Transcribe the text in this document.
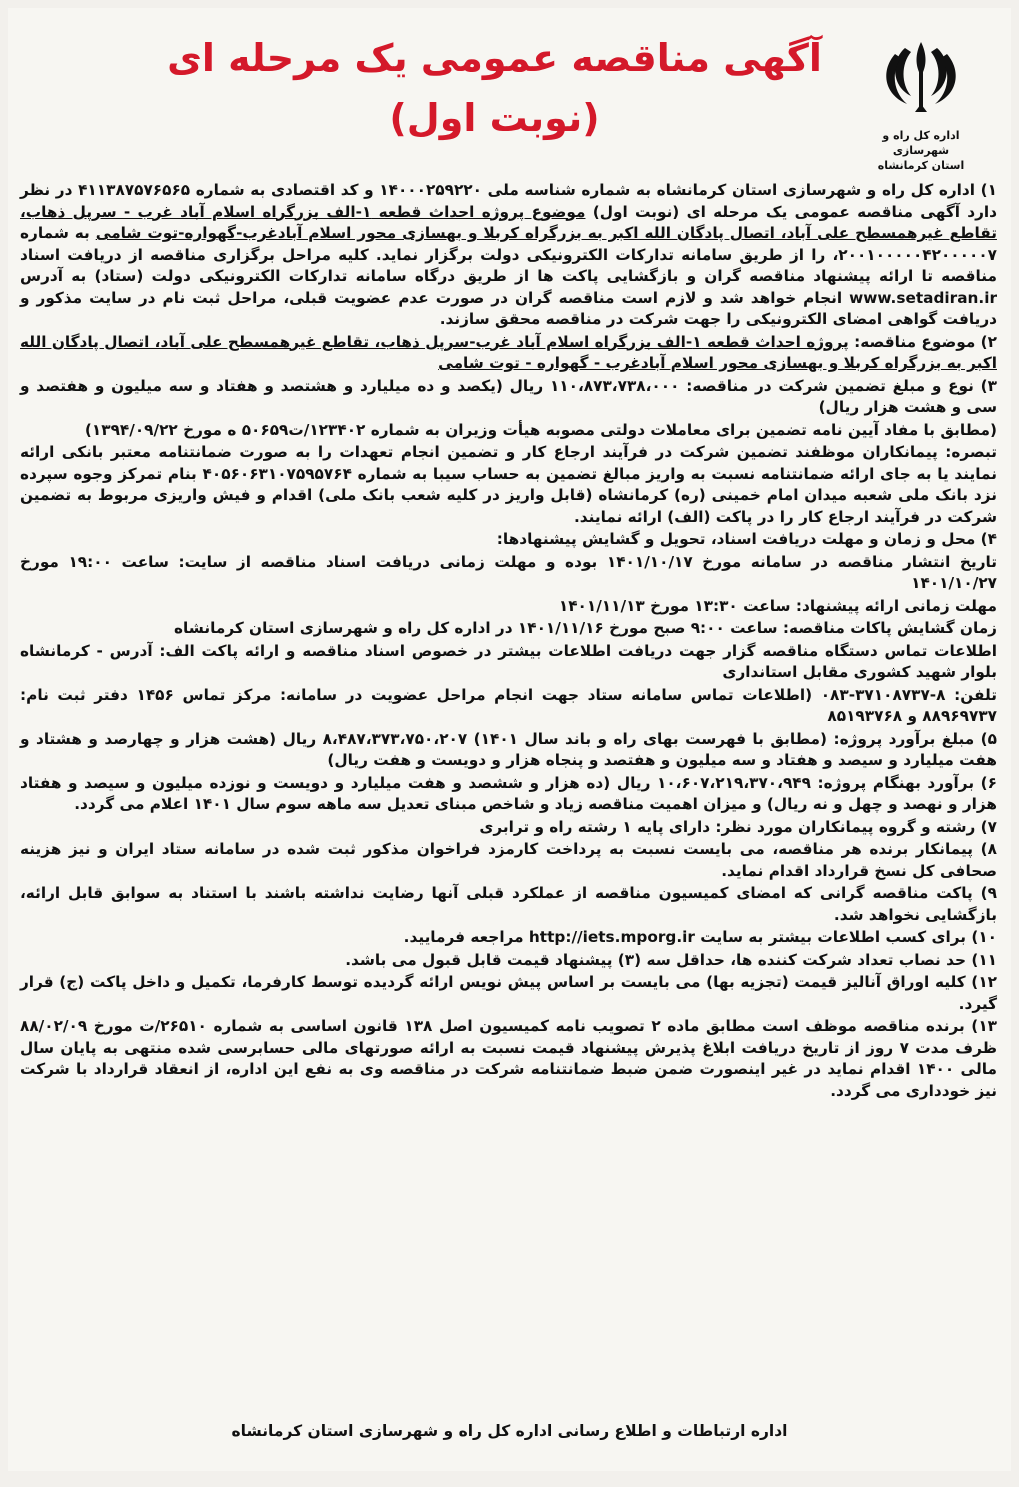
اداره کل راه و شهرسازی
استان کرمانشاه
آگهی مناقصه عمومی یک مرحله ای
(نوبت اول)

۱) اداره کل راه و شهرسازی استان کرمانشاه به شماره شناسه ملی ۱۴۰۰۰۲۵۹۲۲۰ و کد اقتصادی به شماره ۴۱۱۳۸۷۵۷۶۵۶۵ در نظر دارد آگهی مناقصه عمومی یک مرحله ای (نوبت اول) موضوع پروژه احداث قطعه ۱-الف بزرگراه اسلام آباد غرب - سرپل ذهاب، تقاطع غیرهمسطح علی آباد، اتصال پادگان الله اکبر به بزرگراه کربلا و بهسازی محور اسلام آبادغرب-گهواره-توت شامی به شماره ۲۰۰۱۰۰۰۰۰۴۲۰۰۰۰۰۷، را از طریق سامانه تدارکات الکترونیکی دولت برگزار نماید. کلیه مراحل برگزاری مناقصه از دریافت اسناد مناقصه تا ارائه پیشنهاد مناقصه گران و بازگشایی پاکت ها از طریق درگاه سامانه تدارکات الکترونیکی دولت (ستاد) به آدرس www.setadiran.ir انجام خواهد شد و لازم است مناقصه گران در صورت عدم عضویت قبلی، مراحل ثبت نام در سایت مذکور و دریافت گواهی امضای الکترونیکی را جهت شرکت در مناقصه محقق سازند.

۲) موضوع مناقصه: پروژه احداث قطعه ۱-الف بزرگراه اسلام آباد غرب-سرپل ذهاب، تقاطع غیرهمسطح علی آباد، اتصال پادگان الله اکبر به بزرگراه کربلا و بهسازی محور اسلام آبادغرب - گهواره - توت شامی

۳) نوع و مبلغ تضمین شرکت در مناقصه: ۱۱۰،۸۷۳،۷۳۸،۰۰۰ ریال (یکصد و ده میلیارد و هشتصد و هفتاد و سه میلیون و هفتصد و سی و هشت هزار ریال)

(مطابق با مفاد آیین نامه تضمین برای معاملات دولتی مصوبه هیأت وزیران به شماره ۱۲۳۴۰۲/ت۵۰۶۵۹ ه مورخ ۱۳۹۴/۰۹/۲۲)

تبصره: پیمانکاران موظفند تضمین شرکت در فرآیند ارجاع کار و تضمین انجام تعهدات را به صورت ضمانتنامه معتبر بانکی ارائه نمایند یا به جای ارائه ضمانتنامه نسبت به واریز مبالغ تضمین به حساب سیبا به شماره ۴۰۵۶۰۶۳۱۰۷۵۹۵۷۶۴ بنام تمرکز وجوه سپرده نزد بانک ملی شعبه میدان امام خمینی (ره) کرمانشاه (قابل واریز در کلیه شعب بانک ملی) اقدام و فیش واریزی مربوط به تضمین شرکت در فرآیند ارجاع کار را در پاکت (الف) ارائه نمایند.

۴) محل و زمان و مهلت دریافت اسناد، تحویل و گشایش پیشنهادها:

تاریخ انتشار مناقصه در سامانه مورخ ۱۴۰۱/۱۰/۱۷ بوده و مهلت زمانی دریافت اسناد مناقصه از سایت: ساعت ۱۹:۰۰ مورخ ۱۴۰۱/۱۰/۲۷

مهلت زمانی ارائه پیشنهاد: ساعت ۱۳:۳۰ مورخ ۱۴۰۱/۱۱/۱۳

زمان گشایش پاکات مناقصه: ساعت ۹:۰۰ صبح مورخ ۱۴۰۱/۱۱/۱۶ در اداره کل راه و شهرسازی استان کرمانشاه

اطلاعات تماس دستگاه مناقصه گزار جهت دریافت اطلاعات بیشتر در خصوص اسناد مناقصه و ارائه پاکت الف: آدرس - کرمانشاه بلوار شهید کشوری مقابل استانداری

تلفن: ۸-۳۷۱۰۸۷۳۷-۰۸۳ (اطلاعات تماس سامانه ستاد جهت انجام مراحل عضویت در سامانه: مرکز تماس ۱۴۵۶ دفتر ثبت نام: ۸۸۹۶۹۷۳۷ و ۸۵۱۹۳۷۶۸

۵) مبلغ برآورد پروژه: (مطابق با فهرست بهای راه و باند سال ۱۴۰۱) ۸،۴۸۷،۳۷۳،۷۵۰،۲۰۷ ریال (هشت هزار و چهارصد و هشتاد و هفت میلیارد و سیصد و هفتاد و سه میلیون و هفتصد و پنجاه هزار و دویست و هفت ریال)

۶) برآورد بهنگام پروژه: ۱۰،۶۰۷،۲۱۹،۳۷۰،۹۴۹ ریال (ده هزار و ششصد و هفت میلیارد و دویست و نوزده میلیون و سیصد و هفتاد هزار و نهصد و چهل و نه ریال) و میزان اهمیت مناقصه زیاد و شاخص مبنای تعدیل سه ماهه سوم سال ۱۴۰۱ اعلام می گردد.

۷) رشته و گروه پیمانکاران مورد نظر: دارای پایه ۱ رشته راه و ترابری

۸) پیمانکار برنده هر مناقصه، می بایست نسبت به پرداخت کارمزد فراخوان مذکور ثبت شده در سامانه ستاد ایران و نیز هزینه صحافی کل نسخ قرارداد اقدام نماید.

۹) پاکت مناقصه گرانی که امضای کمیسیون مناقصه از عملکرد قبلی آنها رضایت نداشته باشند با استناد به سوابق قابل ارائه، بازگشایی نخواهد شد.

۱۰) برای کسب اطلاعات بیشتر به سایت http://iets.mporg.ir مراجعه فرمایید.

۱۱) حد نصاب تعداد شرکت کننده ها، حداقل سه (۳) پیشنهاد قیمت قابل قبول می باشد.

۱۲) کلیه اوراق آنالیز قیمت (تجزیه بها) می بایست بر اساس پیش نویس ارائه گردیده توسط کارفرما، تکمیل و داخل پاکت (ج) قرار گیرد.

۱۳) برنده مناقصه موظف است مطابق ماده ۲ تصویب نامه کمیسیون اصل ۱۳۸ قانون اساسی به شماره ۲۶۵۱۰/ت مورخ ۸۸/۰۲/۰۹ ظرف مدت ۷ روز از تاریخ دریافت ابلاغ پذیرش پیشنهاد قیمت نسبت به ارائه صورتهای مالی حسابرسی شده منتهی به پایان سال مالی ۱۴۰۰ اقدام نماید در غیر اینصورت ضمن ضبط ضمانتنامه شرکت در مناقصه وی به نفع این اداره، از انعقاد قرارداد با شرکت نیز خودداری می گردد.

اداره ارتباطات و اطلاع رسانی اداره کل راه و شهرسازی استان کرمانشاه
